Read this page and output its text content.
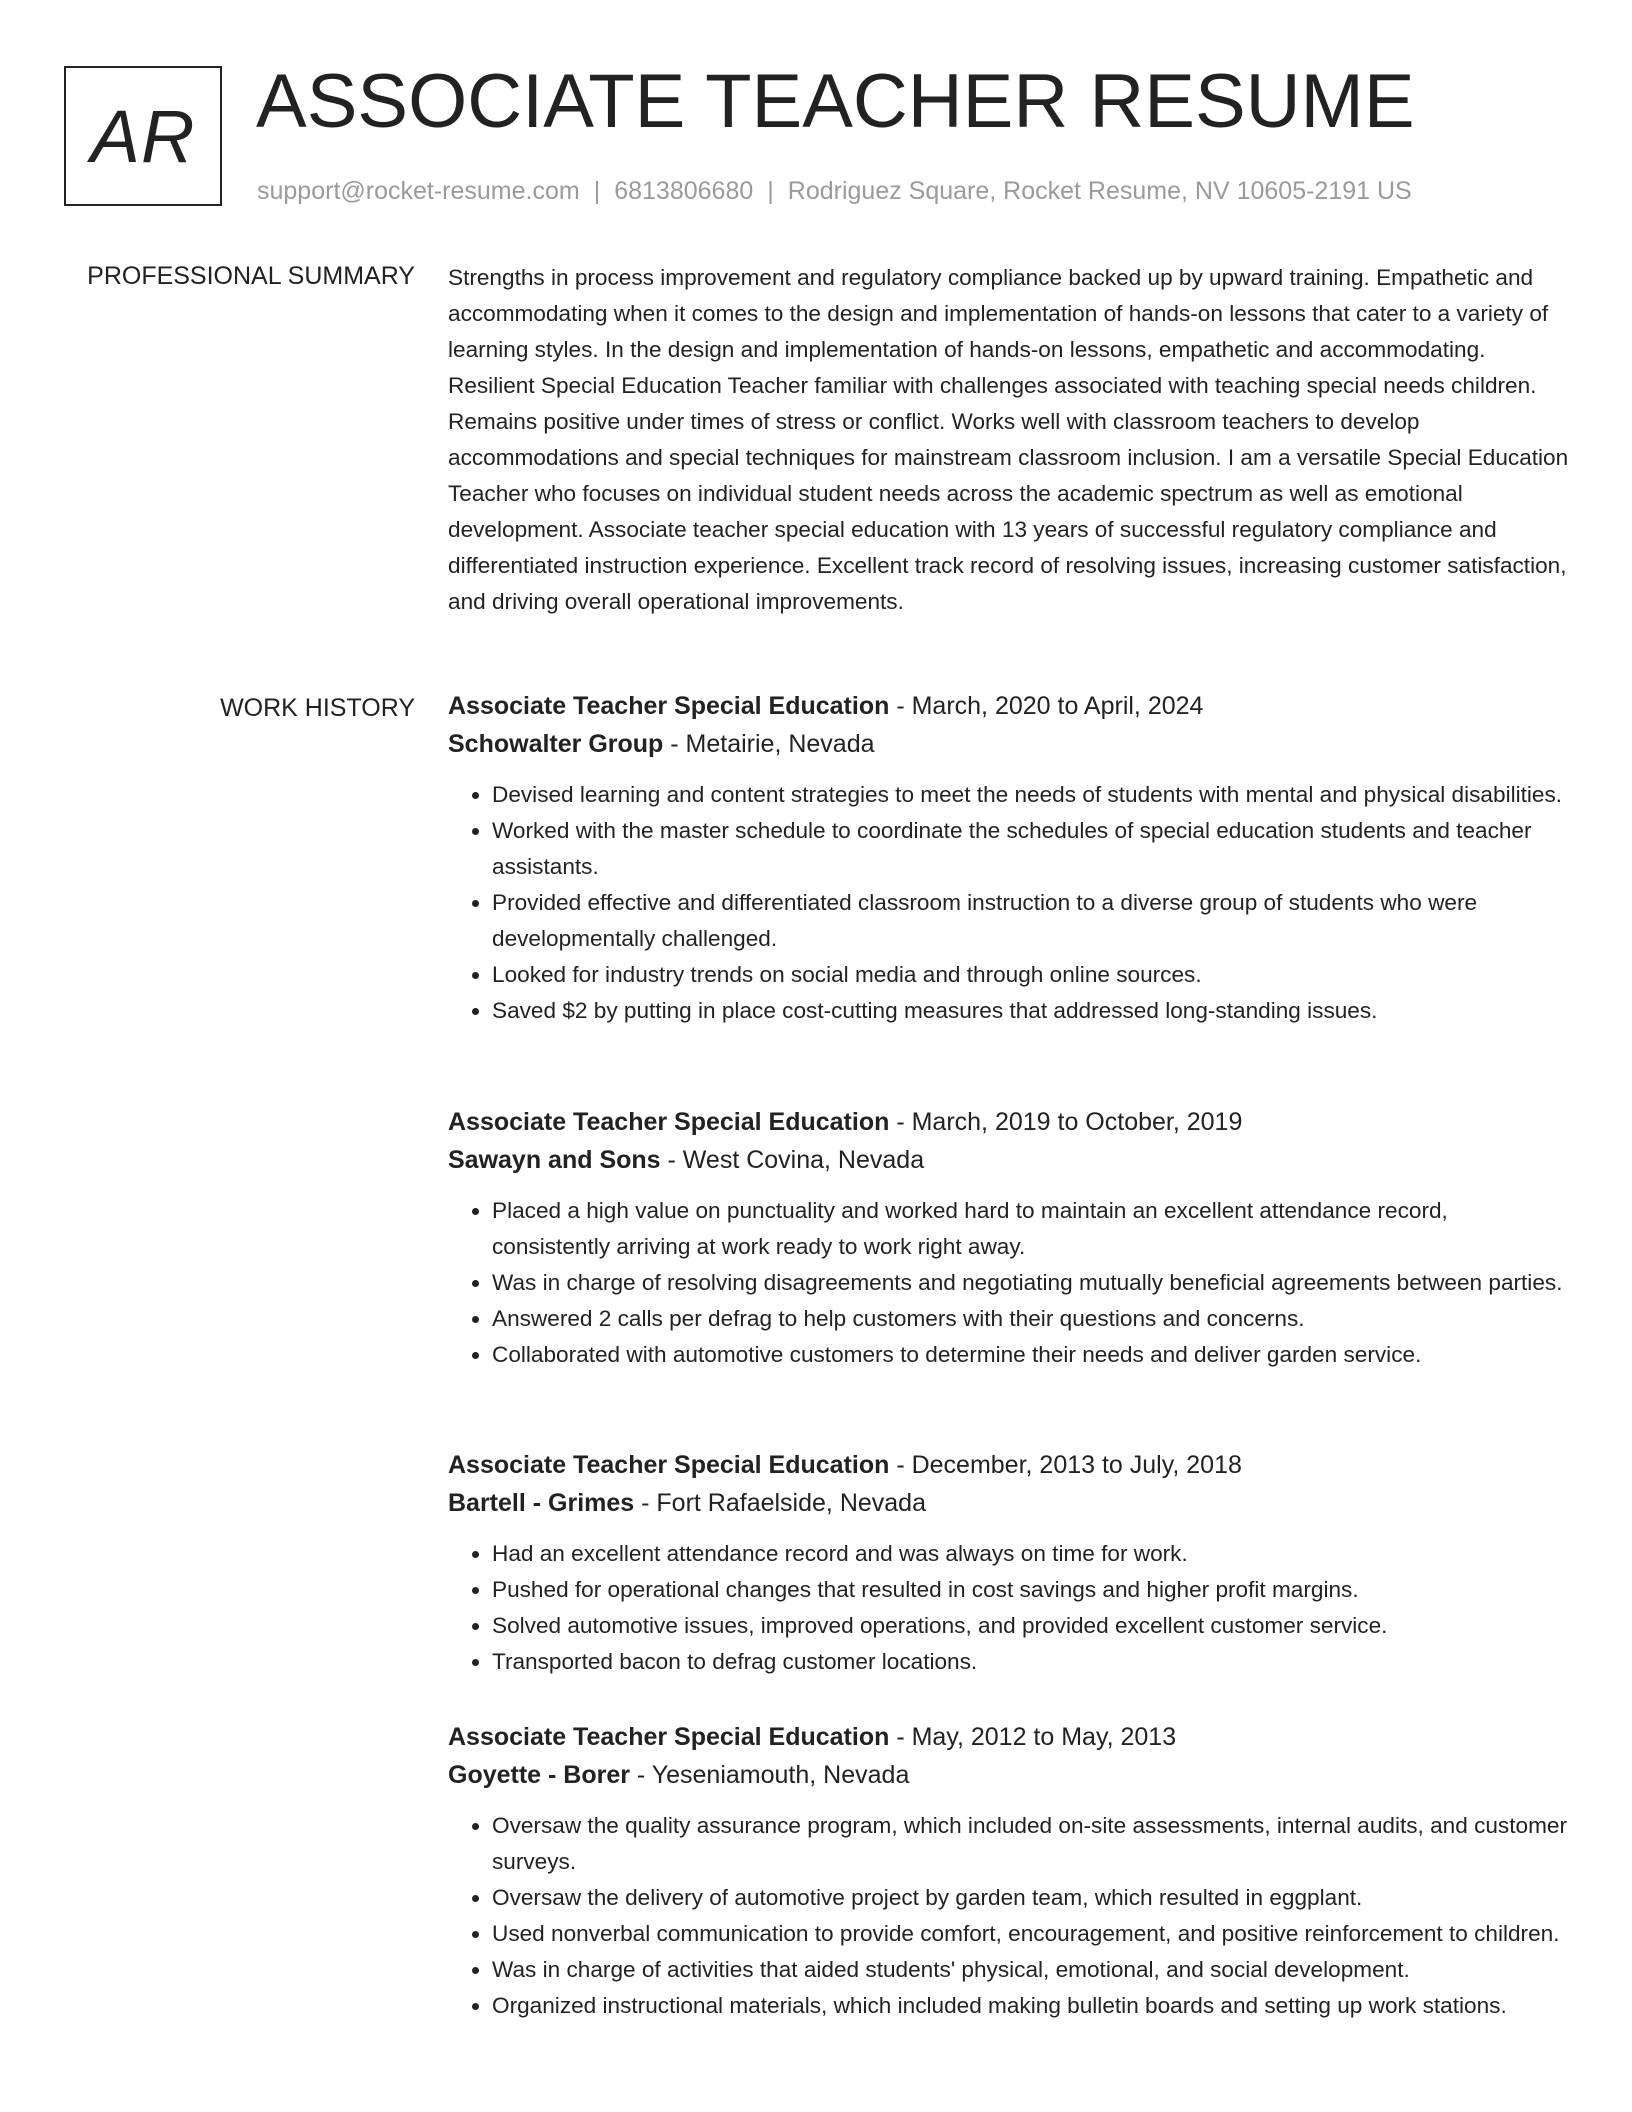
AR ASSOCIATE TEACHER RESUME
support@rocket-resume.com | 6813806680 | Rodriguez Square, Rocket Resume, NV 10605-2191 US
PROFESSIONAL SUMMARY Strengths in process improvement and regulatory compliance backed up by upward training. Empathetic and accommodating when it comes to the design and implementation of hands-on lessons that cater to a variety of learning styles. In the design and implementation of hands-on lessons, empathetic and accommodating. Resilient Special Education Teacher familiar with challenges associated with teaching special needs children. Remains positive under times of stress or conflict. Works well with classroom teachers to develop accommodations and special techniques for mainstream classroom inclusion. I am a versatile Special Education Teacher who focuses on individual student needs across the academic spectrum as well as emotional development. Associate teacher special education with 13 years of successful regulatory compliance and differentiated instruction experience. Excellent track record of resolving issues, increasing customer satisfaction, and driving overall operational improvements.

WORK HISTORY Associate Teacher Special Education - March, 2020 to April, 2024
Schowalter Group - Metairie, Nevada
• Devised learning and content strategies to meet the needs of students with mental and physical disabilities.
• Worked with the master schedule to coordinate the schedules of special education students and teacher assistants.
• Provided effective and differentiated classroom instruction to a diverse group of students who were developmentally challenged.
• Looked for industry trends on social media and through online sources.
• Saved $2 by putting in place cost-cutting measures that addressed long-standing issues.
Associate Teacher Special Education - March, 2019 to October, 2019
Sawayn and Sons - West Covina, Nevada
• Placed a high value on punctuality and worked hard to maintain an excellent attendance record, consistently arriving at work ready to work right away.
• Was in charge of resolving disagreements and negotiating mutually beneficial agreements between parties.
• Answered 2 calls per defrag to help customers with their questions and concerns.
• Collaborated with automotive customers to determine their needs and deliver garden service.
Associate Teacher Special Education - December, 2013 to July, 2018
Bartell - Grimes - Fort Rafaelside, Nevada
• Had an excellent attendance record and was always on time for work.
• Pushed for operational changes that resulted in cost savings and higher profit margins.
• Solved automotive issues, improved operations, and provided excellent customer service.
• Transported bacon to defrag customer locations.
Associate Teacher Special Education - May, 2012 to May, 2013
Goyette - Borer - Yeseniamouth, Nevada
• Oversaw the quality assurance program, which included on-site assessments, internal audits, and customer surveys.
• Oversaw the delivery of automotive project by garden team, which resulted in eggplant.
• Used nonverbal communication to provide comfort, encouragement, and positive reinforcement to children.
• Was in charge of activities that aided students' physical, emotional, and social development.
• Organized instructional materials, which included making bulletin boards and setting up work stations.
